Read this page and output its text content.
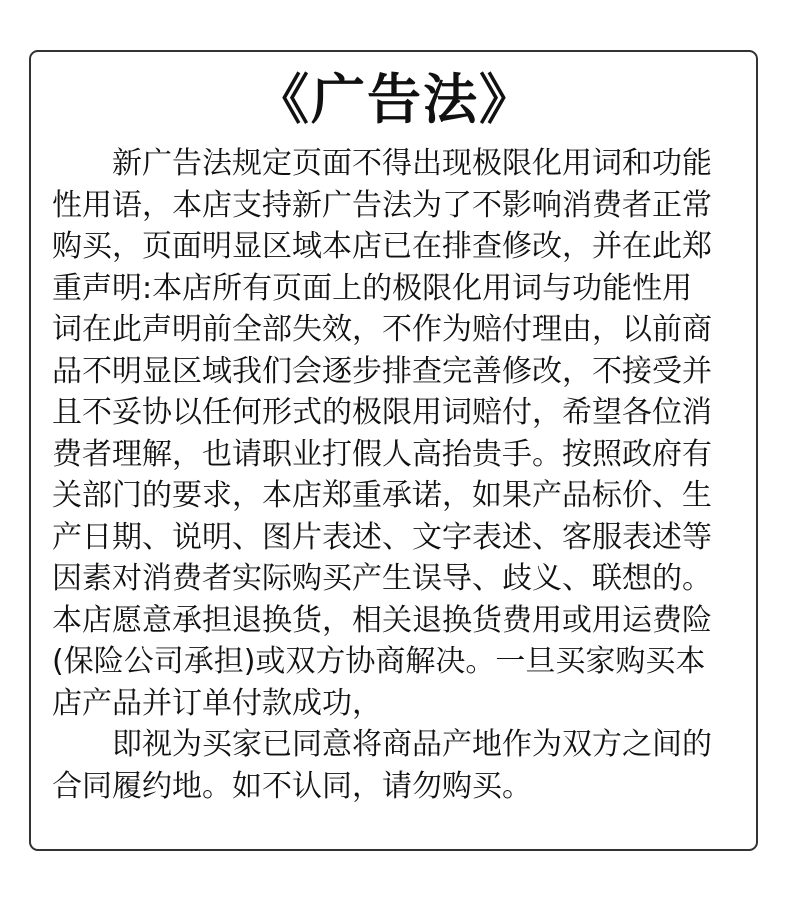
《广告法》
新广告法规定页面不得出现极限化用词和功能
性用语，本店支持新广告法为了不影响消费者正常
购买，页面明显区域本店已在排查修改，并在此郑
重声明:本店所有页面上的极限化用词与功能性用
词在此声明前全部失效，不作为赔付理由，以前商
品不明显区域我们会逐步排查完善修改，不接受并
且不妥协以任何形式的极限用词赔付，希望各位消
费者理解，也请职业打假人高抬贵手。按照政府有
关部门的要求，本店郑重承诺，如果产品标价、生
产日期、说明、图片表述、文字表述、客服表述等
因素对消费者实际购买产生误导、歧义、联想的。
本店愿意承担退换货，相关退换货费用或用运费险
(保险公司承担)或双方协商解决。一旦买家购买本
店产品并订单付款成功，
即视为买家已同意将商品产地作为双方之间的
合同履约地。如不认同，请勿购买。
